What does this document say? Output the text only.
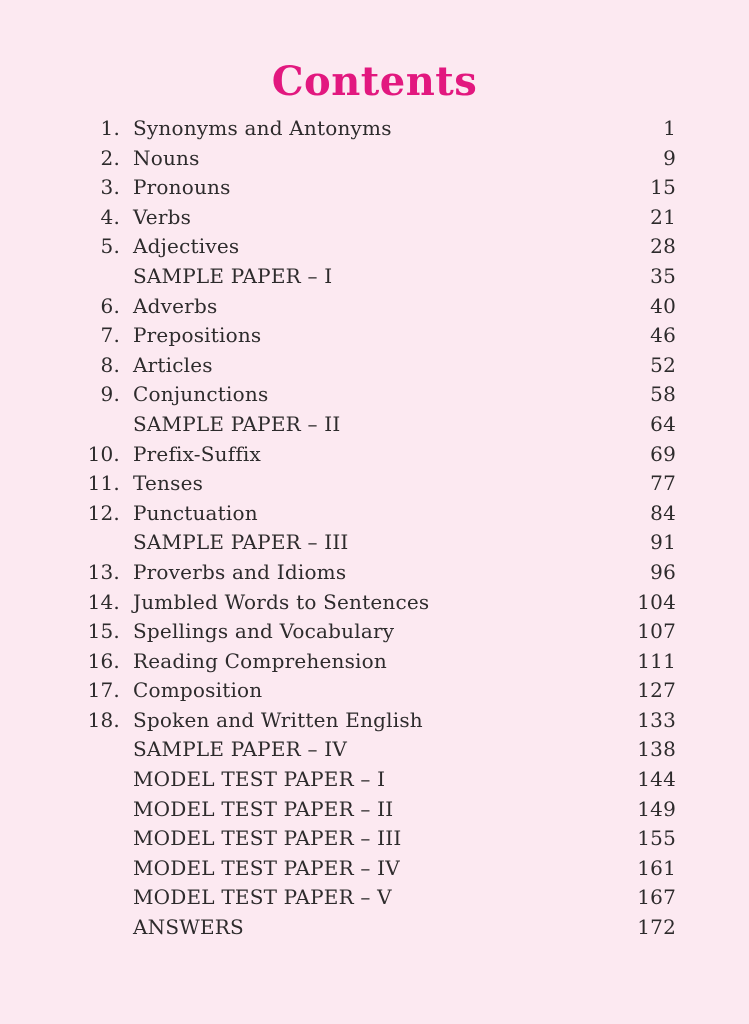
Contents
1. Synonyms and Antonyms	1
2. Nouns	9
3. Pronouns	15
4. Verbs	21
5. Adjectives	28
SAMPLE PAPER – I	35
6. Adverbs	40
7. Prepositions	46
8. Articles	52
9. Conjunctions	58
SAMPLE PAPER – II	64
10. Prefix-Suffix	69
11. Tenses	77
12. Punctuation	84
SAMPLE PAPER – III	91
13. Proverbs and Idioms	96
14. Jumbled Words to Sentences	104
15. Spellings and Vocabulary	107
16. Reading Comprehension	111
17. Composition	127
18. Spoken and Written English	133
SAMPLE PAPER – IV	138
MODEL TEST PAPER – I	144
MODEL TEST PAPER – II	149
MODEL TEST PAPER – III	155
MODEL TEST PAPER – IV	161
MODEL TEST PAPER – V	167
ANSWERS	172
